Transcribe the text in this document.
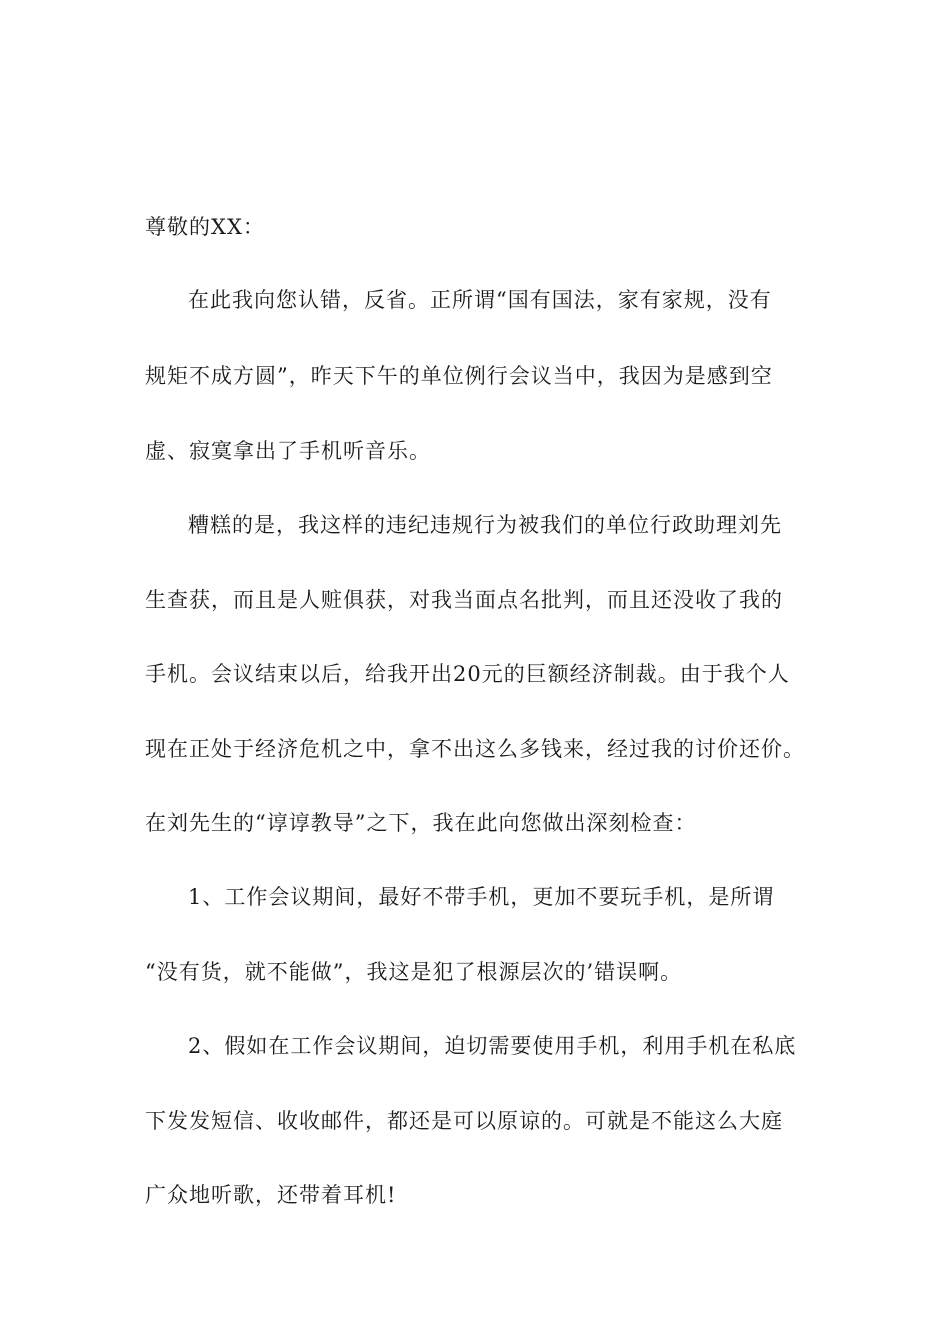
尊敬的XX：
在此我向您认错，反省。正所谓“国有国法，家有家规，没有
规矩不成方圆”，昨天下午的单位例行会议当中，我因为是感到空
虚、寂寞拿出了手机听音乐。
糟糕的是，我这样的违纪违规行为被我们的单位行政助理刘先
生查获，而且是人赃俱获，对我当面点名批判，而且还没收了我的
手机。会议结束以后，给我开出20元的巨额经济制裁。由于我个人
现在正处于经济危机之中，拿不出这么多钱来，经过我的讨价还价。
在刘先生的“谆谆教导”之下，我在此向您做出深刻检查：
1、工作会议期间，最好不带手机，更加不要玩手机，是所谓
“没有货，就不能做”，我这是犯了根源层次的’错误啊。
2、假如在工作会议期间，迫切需要使用手机，利用手机在私底
下发发短信、收收邮件，都还是可以原谅的。可就是不能这么大庭
广众地听歌，还带着耳机!
